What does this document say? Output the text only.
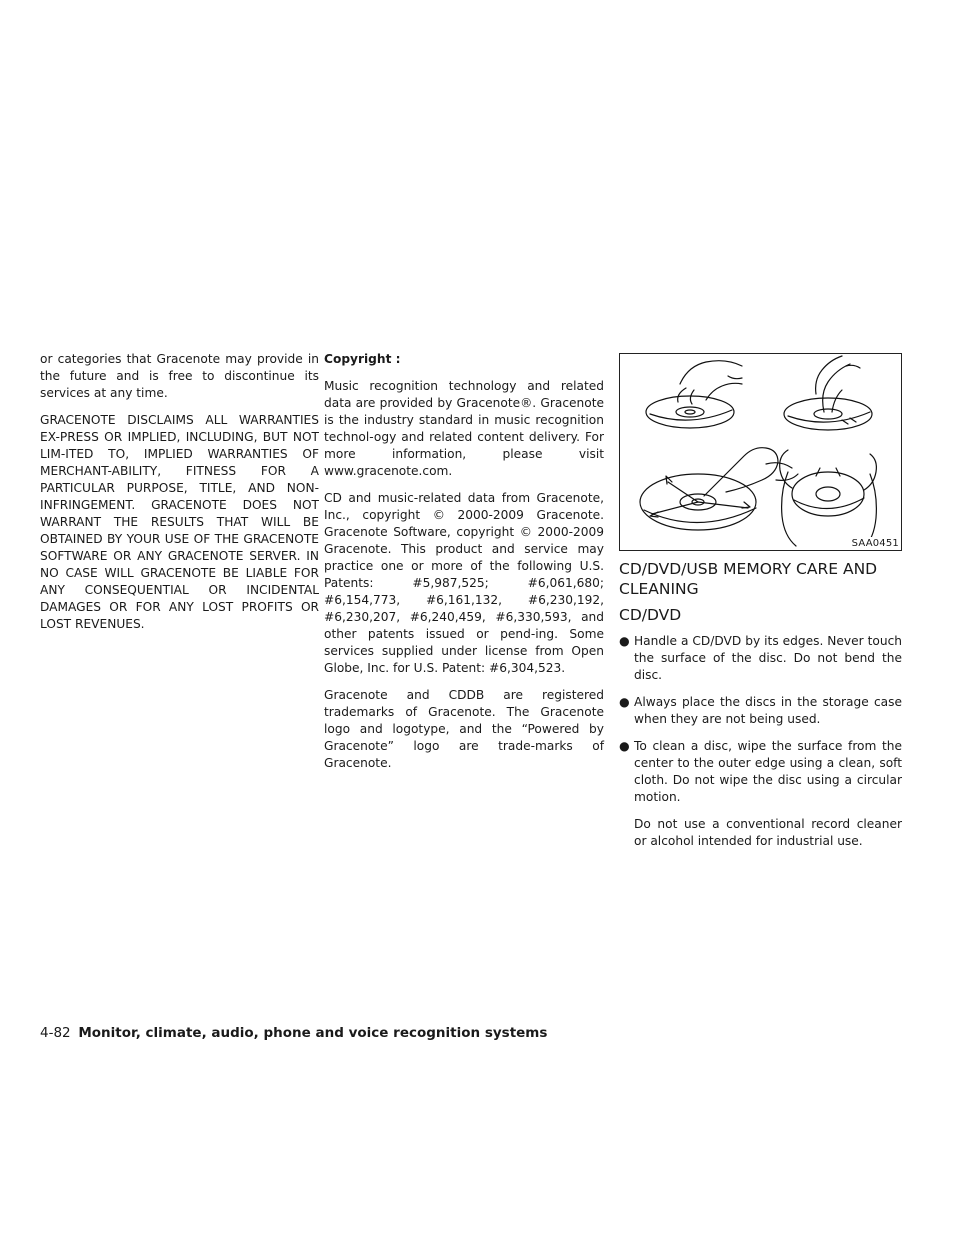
or categories that Gracenote may provide in the future and is free to discontinue its services at any time.

GRACENOTE DISCLAIMS ALL WARRANTIES EX-PRESS OR IMPLIED, INCLUDING, BUT NOT LIM-ITED TO, IMPLIED WARRANTIES OF MERCHANT-ABILITY, FITNESS FOR A PARTICULAR PURPOSE, TITLE, AND NON-INFRINGEMENT. GRACENOTE DOES NOT WARRANT THE RESULTS THAT WILL BE OBTAINED BY YOUR USE OF THE GRACENOTE SOFTWARE OR ANY GRACENOTE SERVER. IN NO CASE WILL GRACENOTE BE LIABLE FOR ANY CONSEQUENTIAL OR INCIDENTAL DAMAGES OR FOR ANY LOST PROFITS OR LOST REVENUES.

Copyright :

Music recognition technology and related data are provided by Gracenote®. Gracenote is the industry standard in music recognition technol-ogy and related content delivery. For more information, please visit www.gracenote.com.

CD and music-related data from Gracenote, Inc., copyright © 2000-2009 Gracenote. Gracenote Software, copyright © 2000-2009 Gracenote. This product and service may practice one or more of the following U.S. Patents: #5,987,525; #6,061,680; #6,154,773, #6,161,132, #6,230,192, #6,230,207, #6,240,459, #6,330,593, and other patents issued or pend-ing. Some services supplied under license from Open Globe, Inc. for U.S. Patent: #6,304,523.

Gracenote and CDDB are registered trademarks of Gracenote. The Gracenote logo and logotype, and the “Powered by Gracenote” logo are trade-marks of Gracenote.

SAA0451
CD/DVD/USB MEMORY CARE AND CLEANING
CD/DVD
● Handle a CD/DVD by its edges. Never touch the surface of the disc. Do not bend the disc.
● Always place the discs in the storage case when they are not being used.
● To clean a disc, wipe the surface from the center to the outer edge using a clean, soft cloth. Do not wipe the disc using a circular motion.
Do not use a conventional record cleaner or alcohol intended for industrial use.
4-82 Monitor, climate, audio, phone and voice recognition systems
